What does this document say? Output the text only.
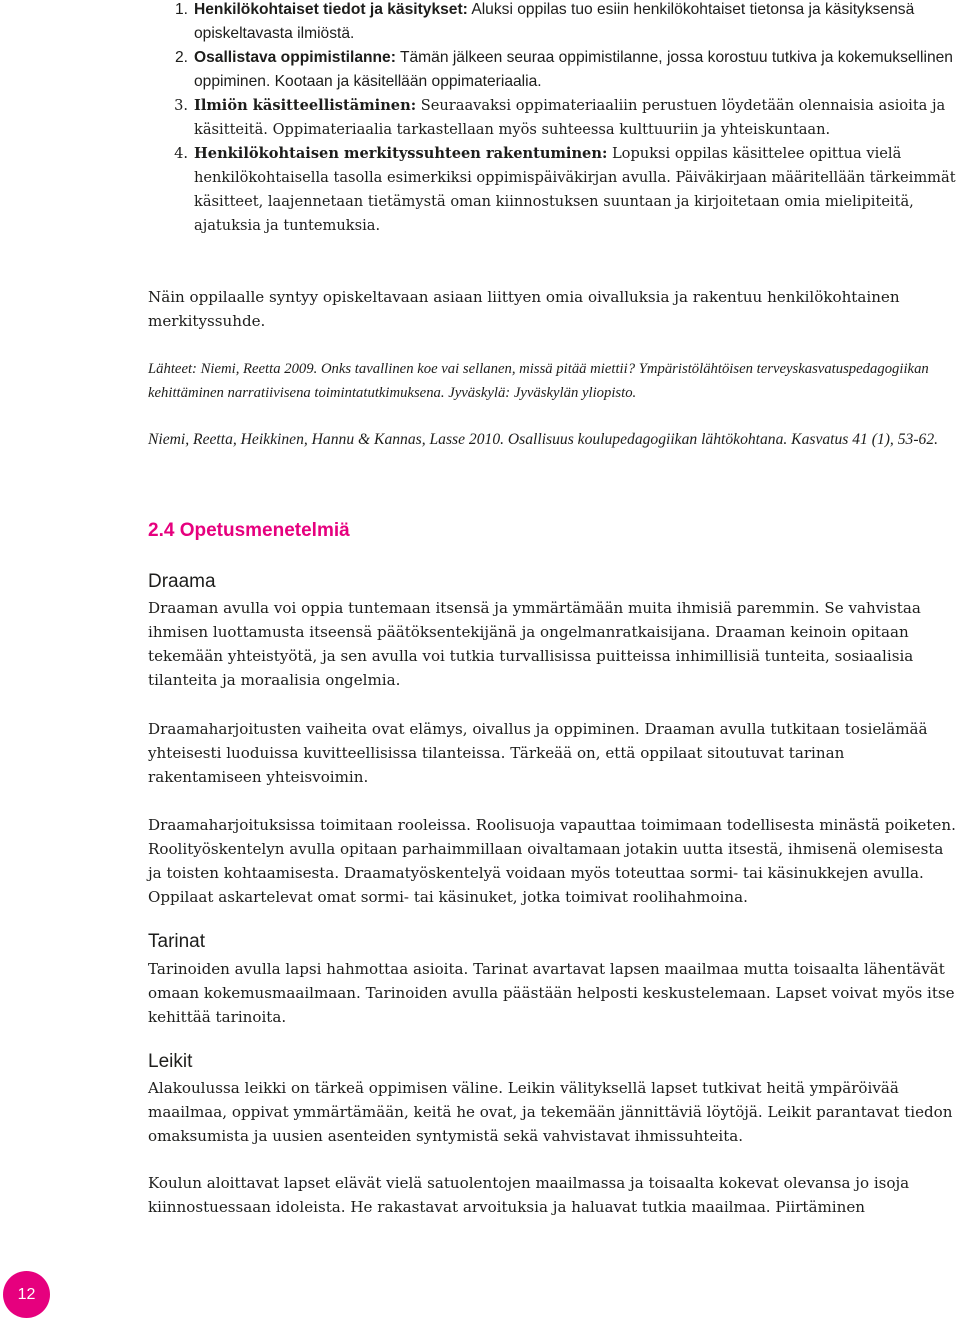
1. Henkilökohtaiset tiedot ja käsitykset: Aluksi oppilas tuo esiin henkilökohtaiset tietonsa ja käsityksensä opiskeltavasta ilmiöstä.
2. Osallistava oppimistilanne: Tämän jälkeen seuraa oppimistilanne, jossa korostuu tutkiva ja kokemuksellinen oppiminen. Kootaan ja käsitellään oppimateriaalia.
3. Ilmiön käsitteellistäminen: Seuraavaksi oppimateriaaliin perustuen löydetään olennaisia asioita ja käsitteitä. Oppimateriaalia tarkastellaan myös suhteessa kulttuuriin ja yhteiskuntaan.
4. Henkilökohtaisen merkityssuhteen rakentuminen: Lopuksi oppilas käsittelee opittua vielä henkilökohtaisella tasolla esimerkiksi oppimispäiväkirjan avulla. Päiväkirjaan määritellään tärkeimmät käsitteet, laajennetaan tietämystä oman kiinnostuksen suuntaan ja kirjoitetaan omia mielipiteitä, ajatuksia ja tuntemuksia.

Näin oppilaalle syntyy opiskeltavaan asiaan liittyen omia oivalluksia ja rakentuu henkilökohtainen merkityssuhde.

Lähteet: Niemi, Reetta 2009. Onks tavallinen koe vai sellanen, missä pitää miettii? Ympäristölähtöisen terveyskasvatuspedagogiikan kehittäminen narratiivisena toimintatutkimuksena. Jyväskylä: Jyväskylän yliopisto.

Niemi, Reetta, Heikkinen, Hannu & Kannas, Lasse 2010. Osallisuus koulupedagogiikan lähtökohtana. Kasvatus 41 (1), 53-62.

2.4 Opetusmenetelmiä
Draama

Draaman avulla voi oppia tuntemaan itsensä ja ymmärtämään muita ihmisiä paremmin. Se vahvistaa ihmisen luottamusta itseensä päätöksentekijänä ja ongelmanratkaisijana. Draaman keinoin opitaan tekemään yhteistyötä, ja sen avulla voi tutkia turvallisissa puitteissa inhimillisiä tunteita, sosiaalisia tilanteita ja moraalisia ongelmia.

Draamaharjoitusten vaiheita ovat elämys, oivallus ja oppiminen. Draaman avulla tutkitaan tosielämää yhteisesti luoduissa kuvitteellisissa tilanteissa. Tärkeää on, että oppilaat sitoutuvat tarinan rakentamiseen yhteisvoimin.

Draamaharjoituksissa toimitaan rooleissa. Roolisuoja vapauttaa toimimaan todellisesta minästä poiketen. Roolityöskentelyn avulla opitaan parhaimmillaan oivaltamaan jotakin uutta itsestä, ihmisenä olemisesta ja toisten kohtaamisesta. Draamatyöskentelyä voidaan myös toteuttaa sormi- tai käsinukkejen avulla. Oppilaat askartelevat omat sormi- tai käsinuket, jotka toimivat roolihahmoina.

Tarinat

Tarinoiden avulla lapsi hahmottaa asioita. Tarinat avartavat lapsen maailmaa mutta toisaalta lähentävät omaan kokemusmaailmaan. Tarinoiden avulla päästään helposti keskustelemaan. Lapset voivat myös itse kehittää tarinoita.

Leikit

Alakoulussa leikki on tärkeä oppimisen väline. Leikin välityksellä lapset tutkivat heitä ympäröivää maailmaa, oppivat ymmärtämään, keitä he ovat, ja tekemään jännittäviä löytöjä. Leikit parantavat tiedon omaksumista ja uusien asenteiden syntymistä sekä vahvistavat ihmissuhteita.

Koulun aloittavat lapset elävät vielä satuolentojen maailmassa ja toisaalta kokevat olevansa jo isoja kiinnostuessaan idoleista. He rakastavat arvoituksia ja haluavat tutkia maailmaa. Piirtäminen

12
